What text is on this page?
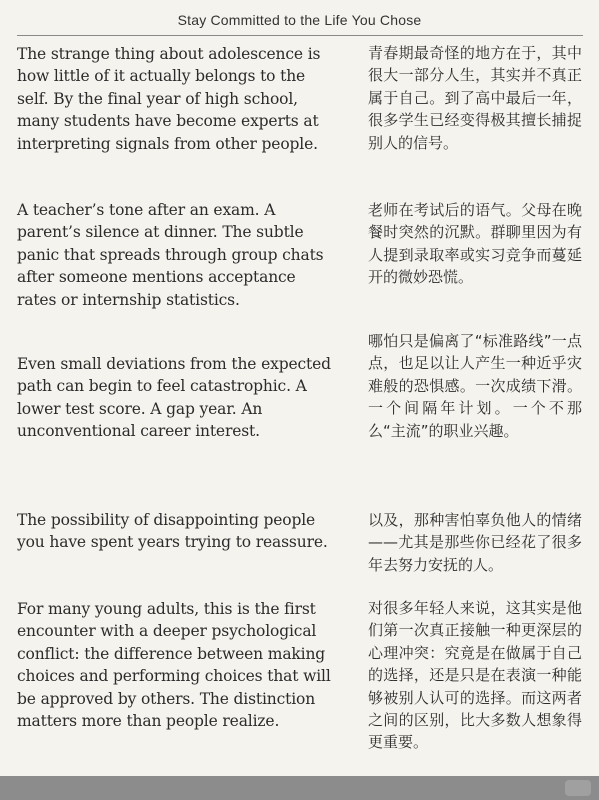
Stay Committed to the Life You Chose

The strange thing about adolescence is how little of it actually belongs to the self. By the final year of high school, many students have become experts at interpreting signals from other people.

青春期最奇怪的地方在于，其中很大一部分人生，其实并不真正属于自己。到了高中最后一年，很多学生已经变得极其擅长捕捉别人的信号。

A teacher’s tone after an exam. A parent’s silence at dinner. The subtle panic that spreads through group chats after someone mentions acceptance rates or internship statistics.

老师在考试后的语气。父母在晚餐时突然的沉默。群聊里因为有人提到录取率或实习竞争而蔓延开的微妙恐慌。

Even small deviations from the expected path can begin to feel catastrophic. A lower test score. A gap year. An unconventional career interest.

哪怕只是偏离了“标准路线”一点点，也足以让人产生一种近乎灾难般的恐惧感。一次成绩下滑。一个间隔年计划。一个不那么“主流”的职业兴趣。

The possibility of disappointing people you have spent years trying to reassure.

以及，那种害怕辜负他人的情绪——尤其是那些你已经花了很多年去努力安抚的人。

For many young adults, this is the first encounter with a deeper psychological conflict: the difference between making choices and performing choices that will be approved by others. The distinction matters more than people realize.

对很多年轻人来说，这其实是他们第一次真正接触一种更深层的心理冲突：究竟是在做属于自己的选择，还是只是在表演一种能够被别人认可的选择。而这两者之间的区别，比大多数人想象得更重要。
